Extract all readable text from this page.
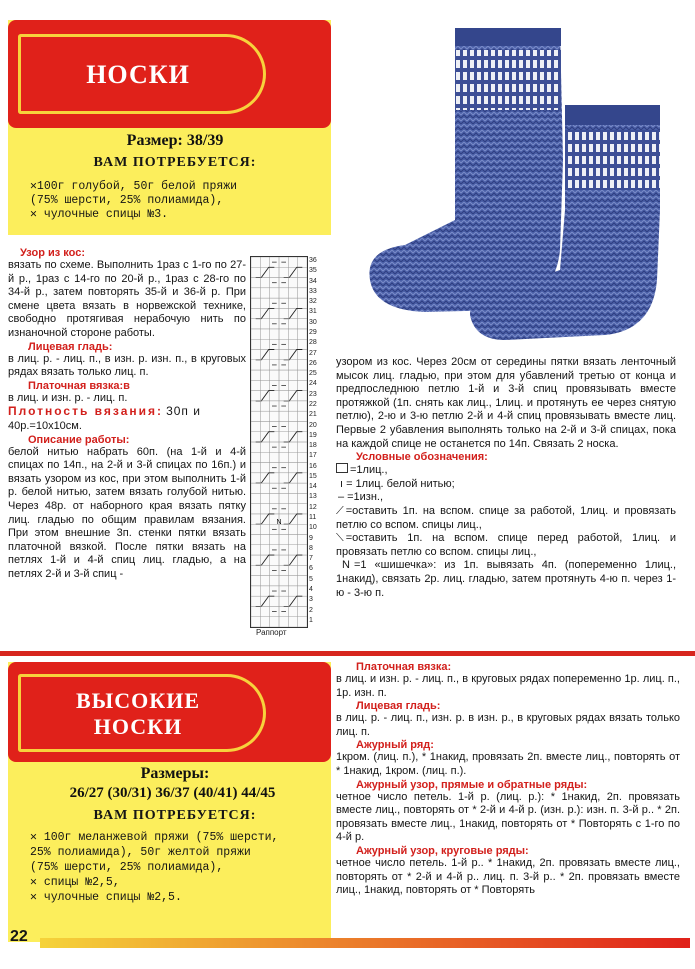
НОСКИ
Размер: 38/39
ВАМ ПОТРЕБУЕТСЯ:
✕100г голубой, 50г белой пряжи
(75% шерсти, 25% полиамида),
✕ чулочные спицы №3.
Узор из кос:

вязать по схеме. Выполнить 1раз с 1-го по 27-й р., 1раз с 14-го по 20-й р., 1раз с 28-го по 34-й р., затем повторять 35-й и 36-й р. При смене цвета вязать в норвежской технике, свободно протягивая нерабочую нить по изнаночной стороне работы.

Лицевая гладь:

в лиц. р. - лиц. п., в изн. р. изн. п., в круговых рядах вязать только лиц. п.

Платочная вязка:в

в лиц. и изн. р. - лиц. п.

Плотность вязания: 30п и

40р.=10х10см.

Описание работы:

белой нитью набрать 60п. (на 1-й и 4-й спицах по 14п., на 2-й и 3-й спицах по 16п.) и вязать узором из кос, при этом выполнить 1-й р. белой нитью, затем вязать голубой нитью. Через 48р. от наборного края вязать пятку лиц. гладью по общим правилам вязания. При этом внешние 3п. стенки пятки вязать платочной вязкой. После пятки вязать на петлях 1-й и 4-й спиц лиц. гладью, а на петлях 2-й и 3-й спиц -

N
36
35
34
33
32
31
30
29
28
27
26
25
24
23
22
21
20
19
18
17
16
15
14
13
12
11
10
9
8
7
6
5
4
3
2
1
Раппорт

узором из кос. Через 20см от середины пятки вязать ленточный мысок лиц. гладью, при этом для убавлений третью от конца и предпоследнюю петлю 1-й и 3-й спиц провязывать вместе протяжкой (1п. снять как лиц., 1лиц. и протянуть ее через снятую петлю), 2-ю и 3-ю петлю 2-й и 4-й спиц провязывать вместе лиц. Первые 2 убавления выполнять только на 2-й и 3-й спицах, пока на каждой спице не останется по 14п. Связать 2 носка.

Условные обозначения:
=1лиц.,
ı = 1лиц. белой нитью;
– =1изн.,
⟋ =оставить 1п. на вспом. спице за работой, 1лиц. и провязать петлю со вспом. спицы лиц.,
⟍ =оставить 1п. на вспом. спице перед работой, 1лиц. и провязать петлю со вспом. спицы лиц.,
N =1 «шишечка»: из 1п. вывязать 4п. (попеременно 1лиц., 1накид), связать 2р. лиц. гладью, затем протянуть 4-ю п. через 1-ю - 3-ю п.
ВЫСОКИЕ
НОСКИ
Размеры:
26/27 (30/31) 36/37 (40/41) 44/45
ВАМ ПОТРЕБУЕТСЯ:
✕ 100г меланжевой пряжи (75% шерсти,
25% полиамида), 50г желтой пряжи
(75% шерсти, 25% полиамида),
✕ спицы №2,5,
✕ чулочные спицы №2,5.
Платочная вязка:

в лиц. и изн. р. - лиц. п., в круговых рядах попеременно 1р. лиц. п., 1р. изн. п.

Лицевая гладь:

в лиц. р. - лиц. п., изн. р. в изн. р., в круговых рядах вязать только лиц. п.

Ажурный ряд:

1кром. (лиц. п.), * 1накид, провязать 2п. вместе лиц., повторять от * 1накид, 1кром. (лиц. п.).

Ажурный узор, прямые и обратные ряды:

четное число петель. 1-й р. (лиц. р.): * 1накид, 2п. провязать вместе лиц., повторять от * 2-й и 4-й р. (изн. р.): изн. п. 3-й р.. * 2п. провязать вместе лиц., 1накид, повторять от * Повторять с 1-го по 4-й р.

Ажурный узор, круговые ряды:

четное число петель. 1-й р.. * 1накид, 2п. провязать вместе лиц., повторять от * 2-й и 4-й р.. лиц. п. 3-й р.. * 2п. провязать вместе лиц., 1накид, повторять от * Повторять

22
